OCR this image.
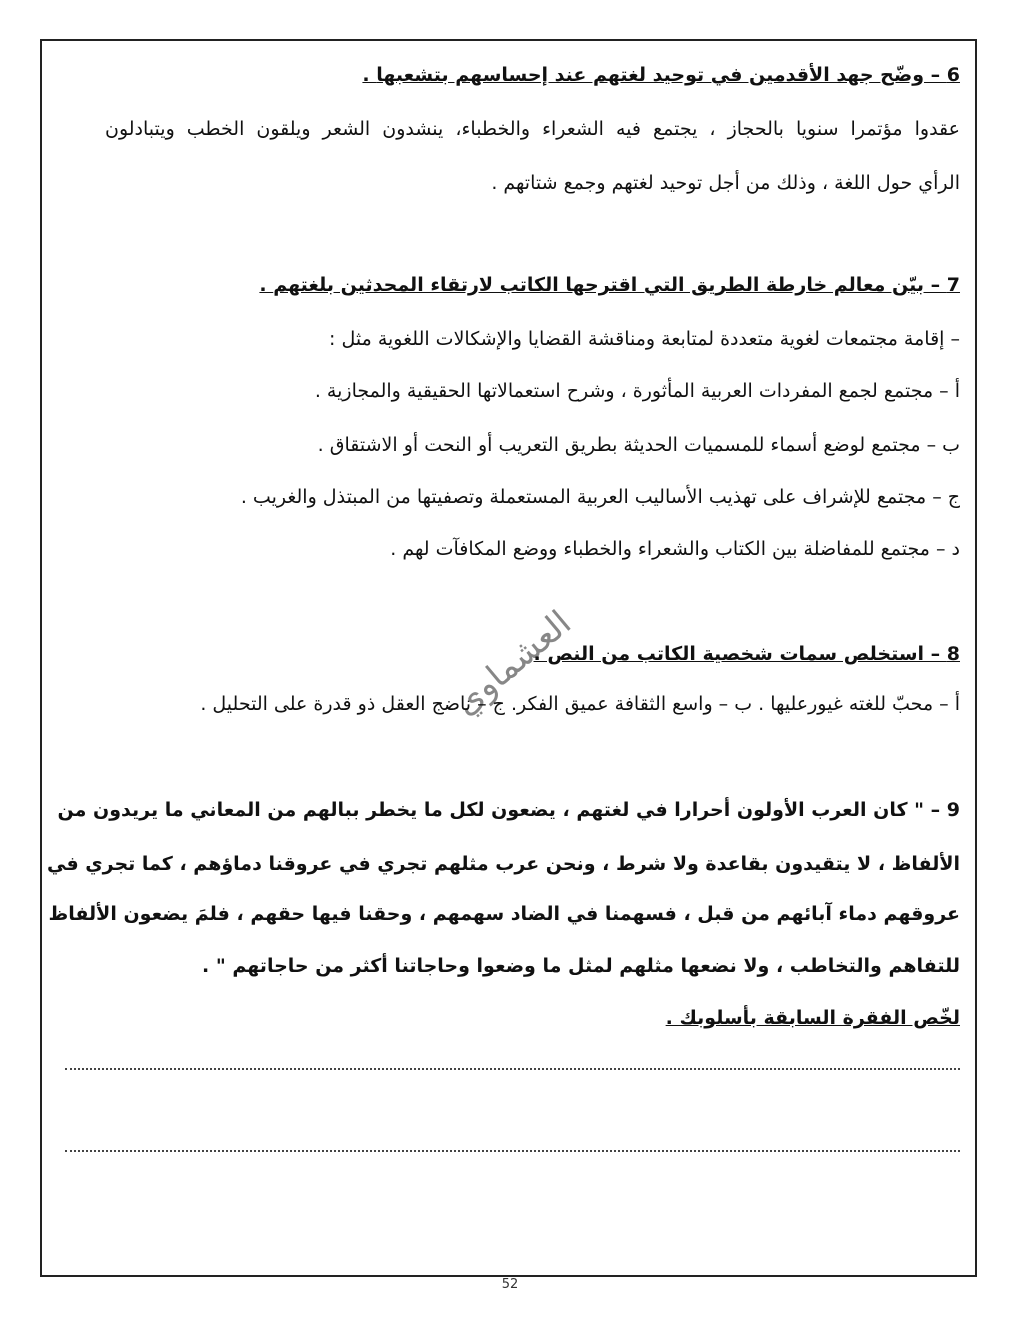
6 – وضّح جهد الأقدمين في توحيد لغتهم عند إحساسهم بتشعبها .
عقدوا مؤتمرا سنويا بالحجاز ، يجتمع فيه الشعراء والخطباء، ينشدون الشعر ويلقون الخطب ويتبادلون
الرأي حول اللغة ، وذلك من أجل توحيد لغتهم وجمع شتاتهم .
7 – بيّن معالم خارطة الطريق التي اقترحها الكاتب لارتقاء المحدثين بلغتهم .
– إقامة مجتمعات لغوية متعددة لمتابعة ومناقشة القضايا والإشكالات اللغوية مثل :
أ – مجتمع لجمع المفردات العربية المأثورة ، وشرح استعمالاتها الحقيقية والمجازية .
ب – مجتمع لوضع أسماء للمسميات الحديثة بطريق التعريب أو النحت أو الاشتقاق .
ج – مجتمع للإشراف على تهذيب الأساليب العربية المستعملة وتصفيتها من المبتذل والغريب .
د – مجتمع للمفاضلة بين الكتاب والشعراء والخطباء ووضع المكافآت لهم .
العشماوي
8 – استخلص سمات شخصية الكاتب من النص .
أ – محبّ للغته غيورعليها . ب – واسع الثقافة عميق الفكر. ج – ناضج العقل ذو قدرة على التحليل .
9 – " كان العرب الأولون أحرارا في لغتهم ، يضعون لكل ما يخطر ببالهم من المعاني ما يريدون من
الألفاظ ، لا يتقيدون بقاعدة ولا شرط ، ونحن عرب مثلهم تجري في عروقنا دماؤهم ، كما تجري في
عروقهم دماء آبائهم من قبل ، فسهمنا في الضاد سهمهم ، وحقنا فيها حقهم ، فلمَ يضعون الألفاظ
للتفاهم والتخاطب ، ولا نضعها مثلهم لمثل ما وضعوا وحاجاتنا أكثر من حاجاتهم " .
لخّص الفقرة السابقة بأسلوبك .
52
